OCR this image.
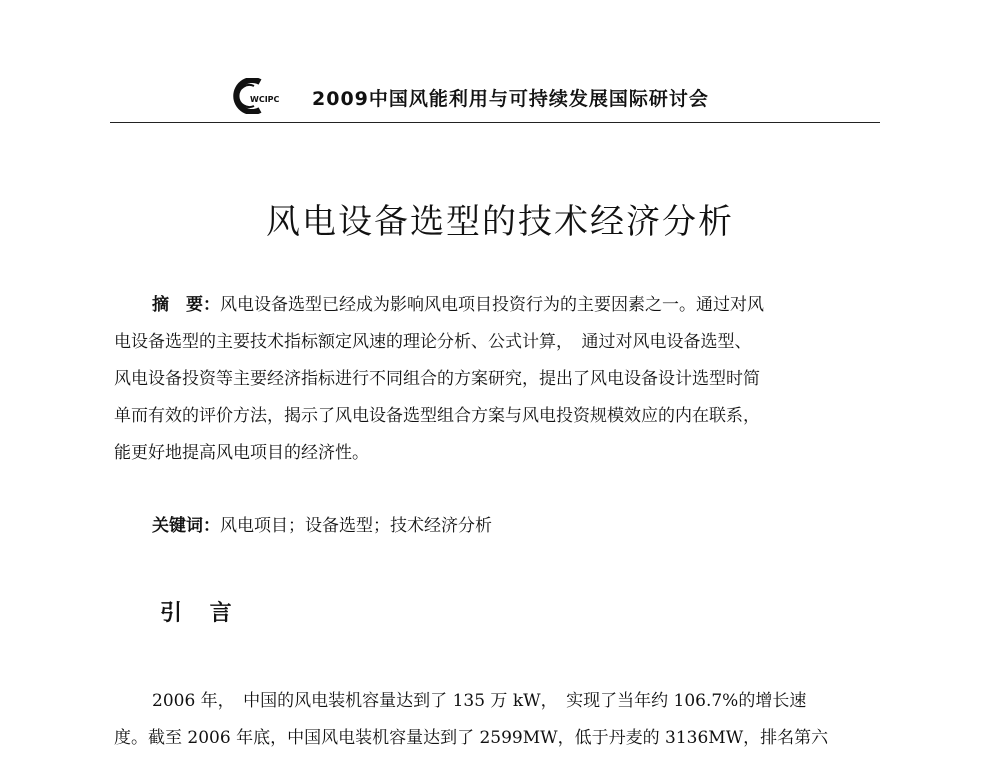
WCIPC 2009中国风能利用与可持续发展国际研讨会
风电设备选型的技术经济分析
摘　要：风电设备选型已经成为影响风电项目投资行为的主要因素之一。通过对风
电设备选型的主要技术指标额定风速的理论分析、公式计算，　通过对风电设备选型、
风电设备投资等主要经济指标进行不同组合的方案研究，提出了风电设备设计选型时简
单而有效的评价方法，揭示了风电设备选型组合方案与风电投资规模效应的内在联系，
能更好地提高风电项目的经济性。
关键词：风电项目；设备选型；技术经济分析
引 言
2006 年，　中国的风电装机容量达到了 135 万 kW，　实现了当年约 106.7%的增长速
度。截至 2006 年底，中国风电装机容量达到了 2599MW，低于丹麦的 3136MW，排名第六
